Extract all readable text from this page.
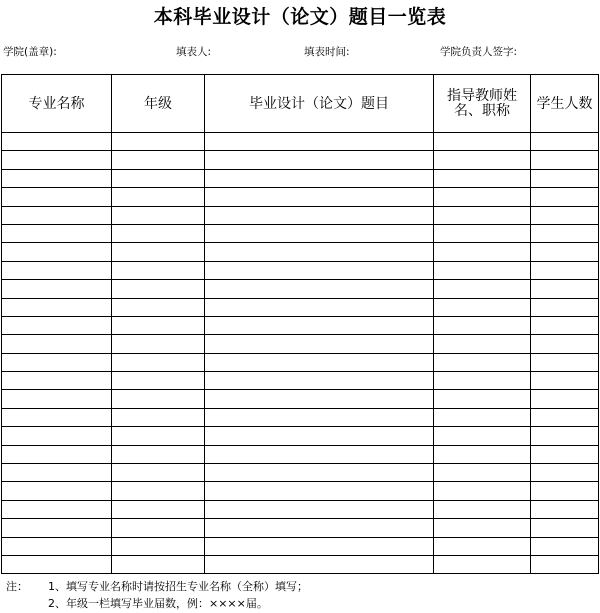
本科毕业设计（论文）题目一览表
学院(盖章):	填表人:	填表时间:	学院负责人签字:
专业名称	年级	毕业设计（论文）题目	指导教师姓名、职称	学生人数

注： 1、填写专业名称时请按招生专业名称（全称）填写；
2、年级一栏填写毕业届数，例：××××届。
